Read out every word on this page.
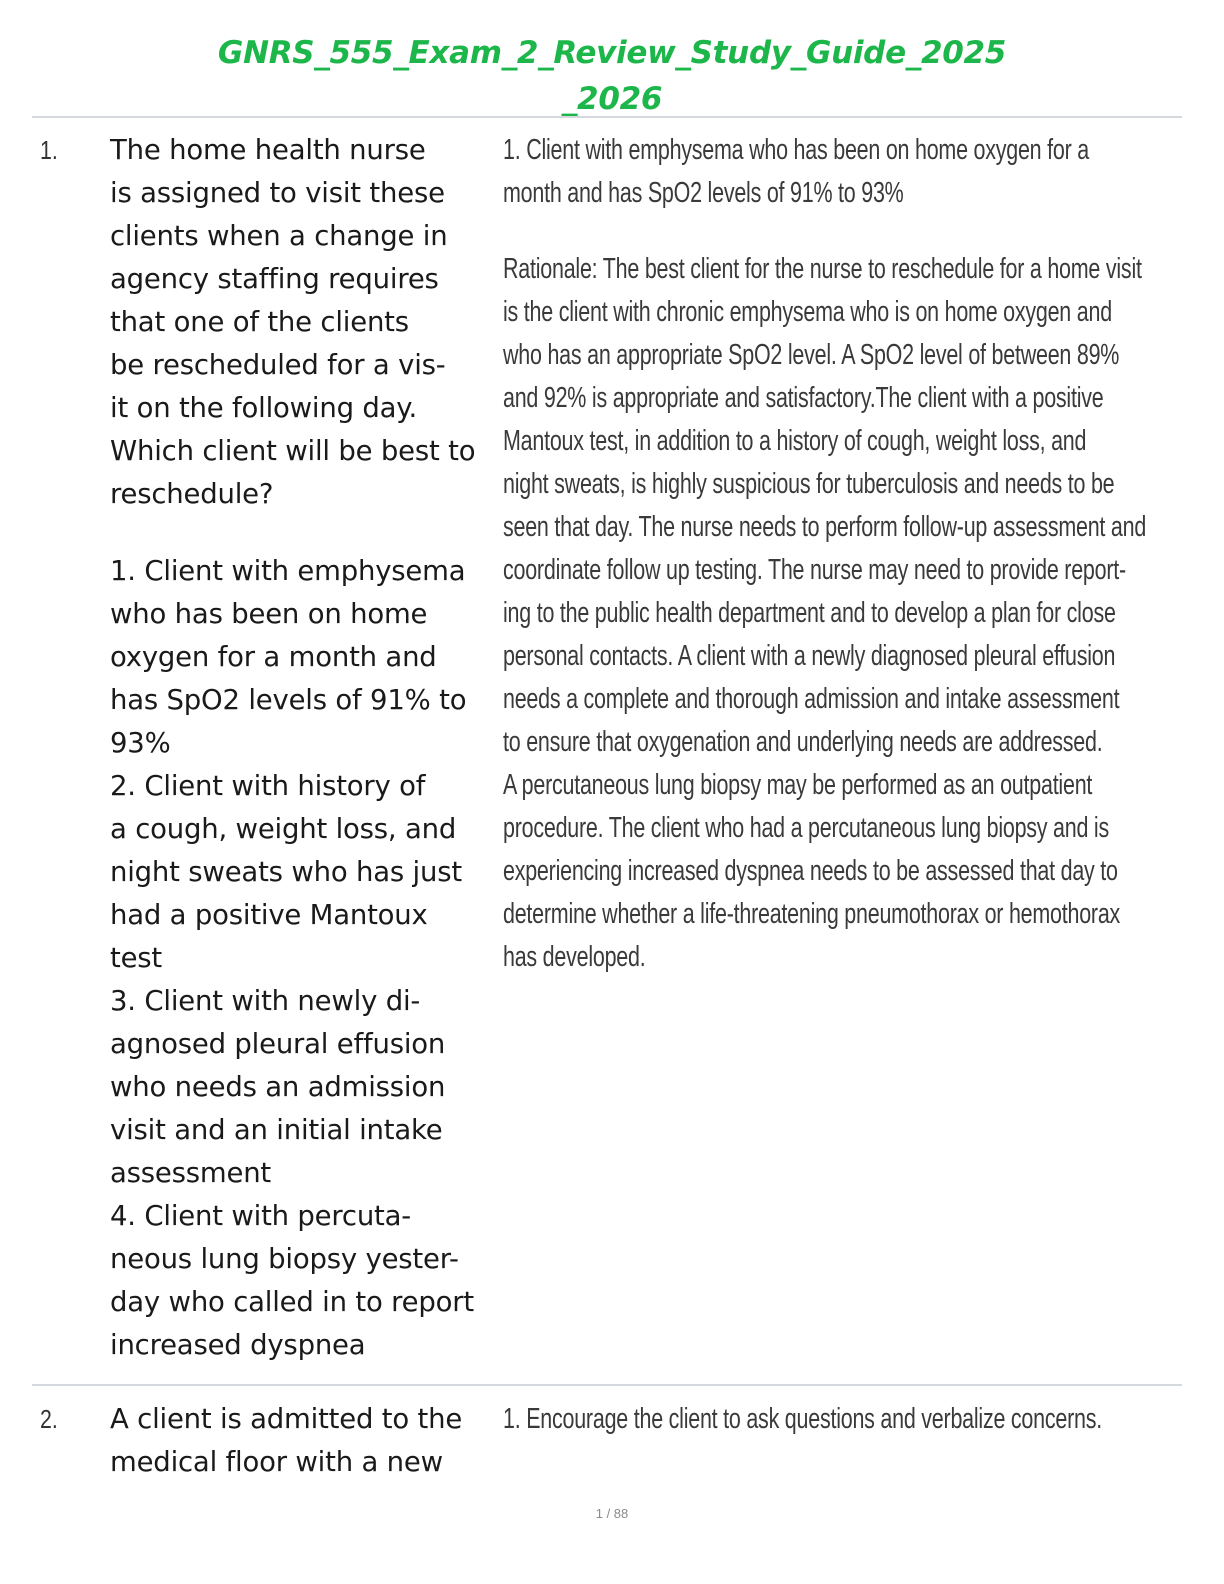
GNRS_555_Exam_2_Review_Study_Guide_2025
_2026
1. The home health nurse
is assigned to visit these
clients when a change in
agency staffing requires
that one of the clients
be rescheduled for a vis-
it on the following day.
Which client will be best to
reschedule?
1. Client with emphysema
who has been on home
oxygen for a month and
has SpO2 levels of 91% to
93%
2. Client with history of
a cough, weight loss, and
night sweats who has just
had a positive Mantoux
test
3. Client with newly di-
agnosed pleural effusion
who needs an admission
visit and an initial intake
assessment
4. Client with percuta-
neous lung biopsy yester-
day who called in to report
increased dyspnea
1. Client with emphysema who has been on home oxygen for a
month and has SpO2 levels of 91% to 93%
Rationale: The best client for the nurse to reschedule for a home visit
is the client with chronic emphysema who is on home oxygen and
who has an appropriate SpO2 level. A SpO2 level of between 89%
and 92% is appropriate and satisfactory.The client with a positive
Mantoux test, in addition to a history of cough, weight loss, and
night sweats, is highly suspicious for tuberculosis and needs to be
seen that day. The nurse needs to perform follow-up assessment and
coordinate follow up testing. The nurse may need to provide report-
ing to the public health department and to develop a plan for close
personal contacts. A client with a newly diagnosed pleural effusion
needs a complete and thorough admission and intake assessment
to ensure that oxygenation and underlying needs are addressed.
A percutaneous lung biopsy may be performed as an outpatient
procedure. The client who had a percutaneous lung biopsy and is
experiencing increased dyspnea needs to be assessed that day to
determine whether a life-threatening pneumothorax or hemothorax
has developed.
2. A client is admitted to the
medical floor with a new
1. Encourage the client to ask questions and verbalize concerns.
1 / 88
